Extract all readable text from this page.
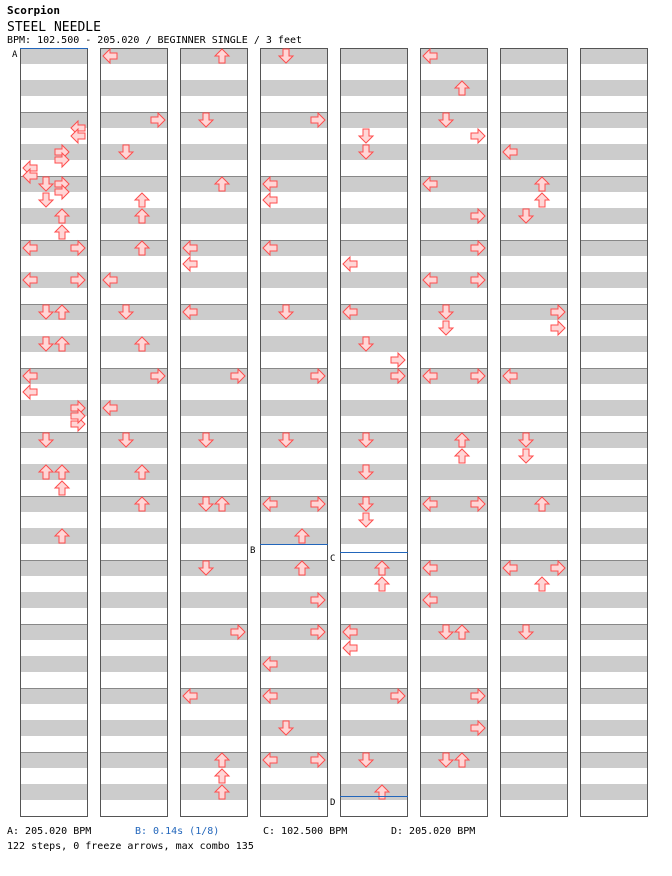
Scorpion
STEEL NEEDLE
BPM: 102.500 - 205.020 / BEGINNER SINGLE / 3 feet
A
B
C
D
A: 205.020 BPM	B: 0.14s (1/8)	C: 102.500 BPM	D: 205.020 BPM
122 steps, 0 freeze arrows, max combo 135
